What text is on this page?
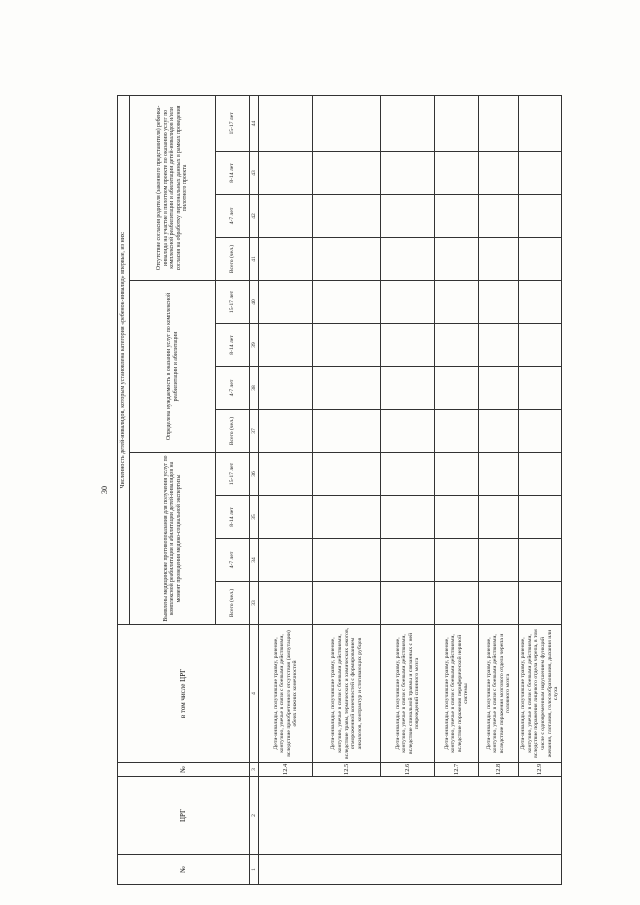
30
№	ЦРГ	№	в том числе ЦРГ	Численность детей-инвалидов, которым установлена категория «ребенок-инвалид» впервые, из них:											
				Выявлены медицинские противопоказания для получения услуг по комплексной реабилитации и абилитации детей-инвалидов на момент проведения медико-социальной экспертизы				Определена нуждаемость в оказании услуг по комплексной реабилитации и абилитации				Отсутствие согласия родителя (законного представителя) ребенка-инвалида на участие в пилотном проекте по оказанию услуг по комплексной реабилитации и абилитации детей-инвалидов и/или согласия на обработку персональных данных в рамках проведения пилотного проекта			
				Всего (чел.)	4-7 лет	8-14 лет	15-17 лет	Всего (чел.)	4-7 лет	8-14 лет	15-17 лет	Всего (чел.)	4-7 лет	8-14 лет	15-17 лет
1	2	3	4	33	34	35	36	37	38	39	40	41	42	43	44
		12.4	Дети-инвалиды, получившие травму, ранение, контузию, увечье в связи с боевыми действиями, вследствие приобретенного отсутствия (ампутации) обеих нижних конечностей												
		12.5	Дети-инвалиды, получившие травму, ранение, контузию, увечье в связи с боевыми действиями, вследствие травм, термических и химических ожогов, отмороженной конечностей с формированием анкилозов, контрактур и стягивающих рубцов												
		12.6	Дети-инвалиды, получившие травму, ранение, контузию, увечье в связи с боевыми действиями, вследствие спинальной травмы и связанных с ней повреждений спинного мозга												
		12.7	Дети-инвалиды, получившие травму, ранение, контузию, увечье в связи с боевыми действиями, вследствие поражения периферической нервной системы												
		12.8	Дети-инвалиды, получившие травму, ранение, контузию, увечье в связи с боевыми действиями, вследствие поражения мозгового отдела черепа и головного мозга												
		12.9	Дети-инвалиды, получившие травму, ранение, контузию, увечье в связи с боевыми действиями, вследствие поражения лицевого отдела черепа, в том числе с одновременным нарушением функций жевания, глотания, голосообразования, дыхания или слуха												
